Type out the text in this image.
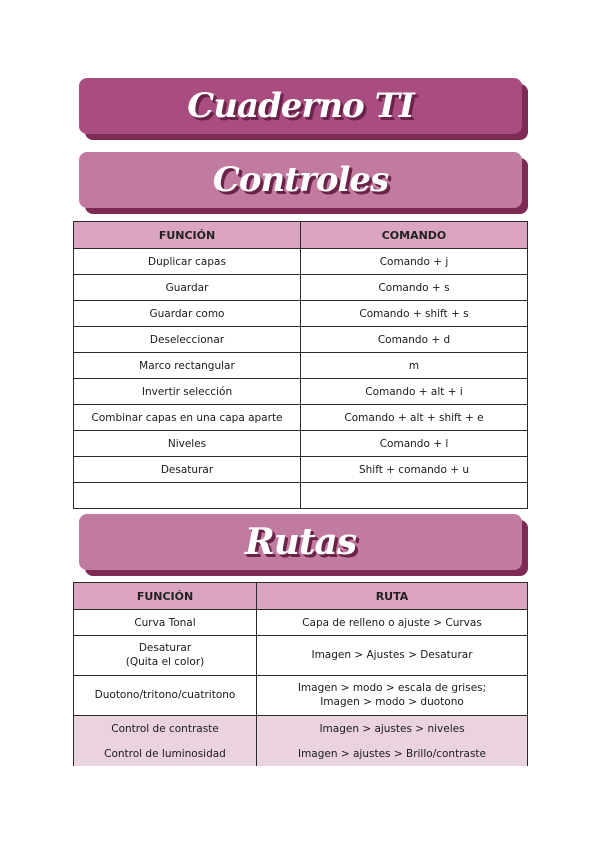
Cuaderno TI
Controles
Rutas
FUNCIÓN	COMANDO
Duplicar capas	Comando + j
Guardar	Comando + s
Guardar como	Comando + shift + s
Deseleccionar	Comando + d
Marco rectangular	m
Invertir selección	Comando + alt + i
Combinar capas en una capa aparte	Comando + alt + shift + e
Niveles	Comando + l
Desaturar	Shift + comando + u

FUNCIÓN	RUTA
Curva Tonal	Capa de relleno o ajuste > Curvas
Desaturar
(Quita el color)	Imagen > Ajustes > Desaturar
Duotono/tritono/cuatritono	Imagen > modo > escala de grises;
Imagen > modo > duotono
Control de contraste	Imagen > ajustes > niveles
Control de luminosidad	Imagen > ajustes > Brillo/contraste
